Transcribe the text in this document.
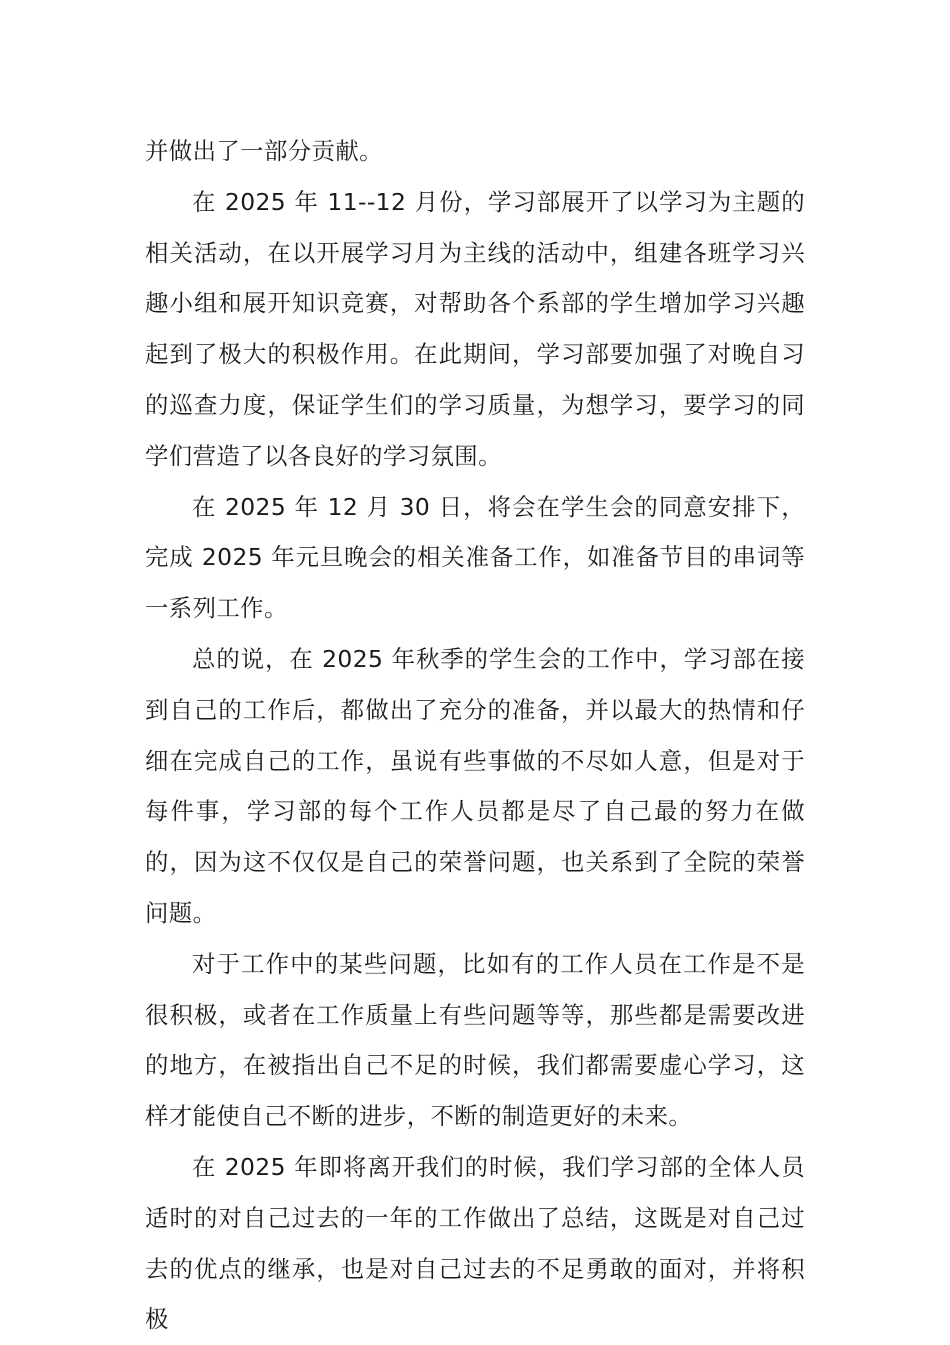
并做出了一部分贡献。

在 2025 年 11--12 月份，学习部展开了以学习为主题的相关活动，在以开展学习月为主线的活动中，组建各班学习兴趣小组和展开知识竞赛，对帮助各个系部的学生增加学习兴趣起到了极大的积极作用。在此期间，学习部要加强了对晚自习的巡查力度，保证学生们的学习质量，为想学习，要学习的同学们营造了以各良好的学习氛围。

在 2025 年 12 月 30 日，将会在学生会的同意安排下，完成 2025 年元旦晚会的相关准备工作，如准备节目的串词等一系列工作。

总的说，在 2025 年秋季的学生会的工作中，学习部在接到自己的工作后，都做出了充分的准备，并以最大的热情和仔细在完成自己的工作，虽说有些事做的不尽如人意，但是对于每件事，学习部的每个工作人员都是尽了自己最的努力在做的，因为这不仅仅是自己的荣誉问题，也关系到了全院的荣誉问题。

对于工作中的某些问题，比如有的工作人员在工作是不是很积极，或者在工作质量上有些问题等等，那些都是需要改进的地方，在被指出自己不足的时候，我们都需要虚心学习，这样才能使自己不断的进步，不断的制造更好的未来。

在 2025 年即将离开我们的时候，我们学习部的全体人员适时的对自己过去的一年的工作做出了总结，这既是对自己过去的优点的继承，也是对自己过去的不足勇敢的面对，并将积极
